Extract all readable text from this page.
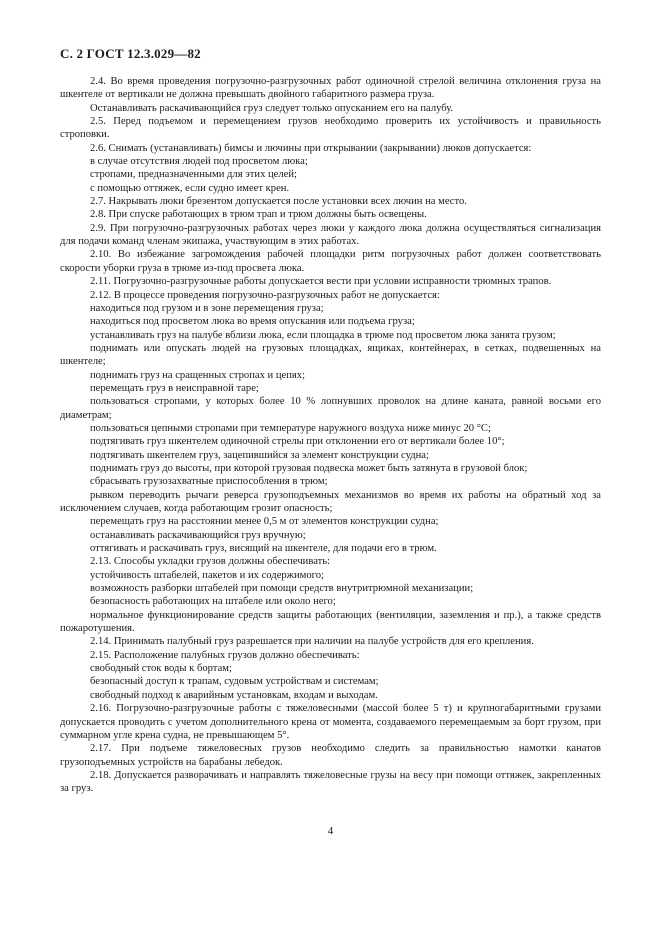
С. 2 ГОСТ 12.3.029—82

2.4. Во время проведения погрузочно-разгрузочных работ одиночной стрелой величина отклонения груза на шкентеле от вертикали не должна превышать двойного габаритного размера груза.

Останавливать раскачивающийся груз следует только опусканием его на палубу.

2.5. Перед подъемом и перемещением грузов необходимо проверить их устойчивость и правильность строповки.

2.6. Снимать (устанавливать) бимсы и лючины при открывании (закрывании) люков допускается:

в случае отсутствия людей под просветом люка;

стропами, предназначенными для этих целей;

с помощью оттяжек, если судно имеет крен.

2.7. Накрывать люки брезентом допускается после установки всех лючин на место.

2.8. При спуске работающих в трюм трап и трюм должны быть освещены.

2.9. При погрузочно-разгрузочных работах через люки у каждого люка должна осуществляться сигнализация для подачи команд членам экипажа, участвующим в этих работах.

2.10. Во избежание загромождения рабочей площадки ритм погрузочных работ должен соответствовать скорости уборки груза в трюме из-под просвета люка.

2.11. Погрузочно-разгрузочные работы допускается вести при условии исправности трюмных трапов.

2.12. В процессе проведения погрузочно-разгрузочных работ не допускается:

находиться под грузом и в зоне перемещения груза;

находиться под просветом люка во время опускания или подъема груза;

устанавливать груз на палубе вблизи люка, если площадка в трюме под просветом люка занята грузом;

поднимать или опускать людей на грузовых площадках, ящиках, контейнерах, в сетках, подвешенных на шкентеле;

поднимать груз на сращенных стропах и цепях;

перемещать груз в неисправной таре;

пользоваться стропами, у которых более 10 % лопнувших проволок на длине каната, равной восьми его диаметрам;

пользоваться цепными стропами при температуре наружного воздуха ниже минус 20 °С;

подтягивать груз шкентелем одиночной стрелы при отклонении его от вертикали более 10°;

подтягивать шкентелем груз, зацепившийся за элемент конструкции судна;

поднимать груз до высоты, при которой грузовая подвеска может быть затянута в грузовой блок;

сбрасывать грузозахватные приспособления в трюм;

рывком переводить рычаги реверса грузоподъемных механизмов во время их работы на обратный ход за исключением случаев, когда работающим грозит опасность;

перемещать груз на расстоянии менее 0,5 м от элементов конструкции судна;

останавливать раскачивающийся груз вручную;

оттягивать и раскачивать груз, висящий на шкентеле, для подачи его в трюм.

2.13. Способы укладки грузов должны обеспечивать:

устойчивость штабелей, пакетов и их содержимого;

возможность разборки штабелей при помощи средств внутритрюмной механизации;

безопасность работающих на штабеле или около него;

нормальное функционирование средств защиты работающих (вентиляции, заземления и пр.), а также средств пожаротушения.

2.14. Принимать палубный груз разрешается при наличии на палубе устройств для его крепления.

2.15. Расположение палубных грузов должно обеспечивать:

свободный сток воды к бортам;

безопасный доступ к трапам, судовым устройствам и системам;

свободный подход к аварийным установкам, входам и выходам.

2.16. Погрузочно-разгрузочные работы с тяжеловесными (массой более 5 т) и крупногабаритными грузами допускается проводить с учетом дополнительного крена от момента, создаваемого перемещаемым за борт грузом, при суммарном угле крена судна, не превышающем 5°.

2.17. При подъеме тяжеловесных грузов необходимо следить за правильностью намотки канатов грузоподъемных устройств на барабаны лебедок.

2.18. Допускается разворачивать и направлять тяжеловесные грузы на весу при помощи оттяжек, закрепленных за груз.

4
